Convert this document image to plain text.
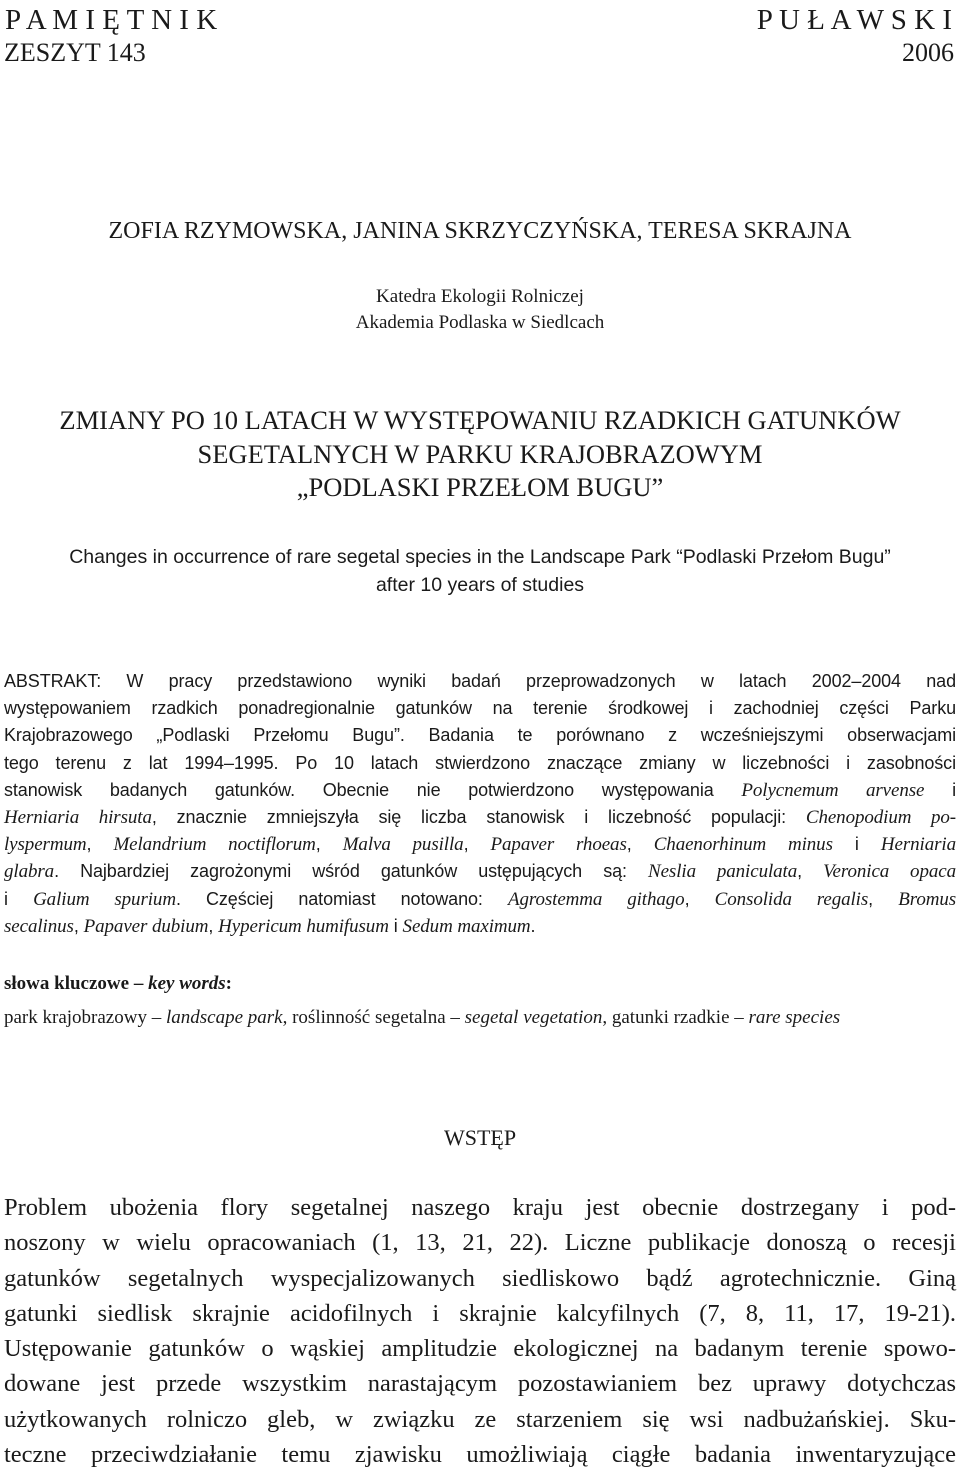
P A M I Ę T N I K	P U Ł A W S K I
ZESZYT 143	2006
ZOFIA RZYMOWSKA, JANINA SKRZYCZYŃSKA, TERESA SKRAJNA
Katedra Ekologii Rolniczej
Akademia Podlaska w Siedlcach
ZMIANY PO 10 LATACH W WYSTĘPOWANIU RZADKICH GATUNKÓW
SEGETALNYCH W PARKU KRAJOBRAZOWYM
„PODLASKI PRZEŁOM BUGU”
Changes in occurrence of rare segetal species in the Landscape Park “Podlaski Przełom Bugu”
after 10 years of studies
ABSTRAKT: W pracy przedstawiono wyniki badań przeprowadzonych w latach 2002–2004 nad
występowaniem rzadkich ponadregionalnie gatunków na terenie środkowej i zachodniej części Parku
Krajobrazowego „Podlaski Przełomu Bugu”. Badania te porównano z wcześniejszymi obserwacjami
tego terenu z lat 1994–1995. Po 10 latach stwierdzono znaczące zmiany w liczebności i zasobności
stanowisk badanych gatunków. Obecnie nie potwierdzono występowania Polycnemum arvense i
Herniaria hirsuta, znacznie zmniejszyła się liczba stanowisk i liczebność populacji: Chenopodium po-
lyspermum, Melandrium noctiflorum, Malva pusilla, Papaver rhoeas, Chaenorhinum minus i Herniaria
glabra. Najbardziej zagrożonymi wśród gatunków ustępujących są: Neslia paniculata, Veronica opaca
i Galium spurium. Częściej natomiast notowano: Agrostemma githago, Consolida regalis, Bromus
secalinus, Papaver dubium, Hypericum humifusum i Sedum maximum.
słowa kluczowe – key words:
park krajobrazowy – landscape park, roślinność segetalna – segetal vegetation, gatunki rzadkie – rare species
WSTĘP
Problem ubożenia flory segetalnej naszego kraju jest obecnie dostrzegany i pod-
noszony w wielu opracowaniach (1, 13, 21, 22). Liczne publikacje donoszą o recesji
gatunków segetalnych wyspecjalizowanych siedliskowo bądź agrotechnicznie. Giną
gatunki siedlisk skrajnie acidofilnych i skrajnie kalcyfilnych (7, 8, 11, 17, 19-21).
Ustępowanie gatunków o wąskiej amplitudzie ekologicznej na badanym terenie spowo-
dowane jest przede wszystkim narastającym pozostawianiem bez uprawy dotychczas
użytkowanych rolniczo gleb, w związku ze starzeniem się wsi nadbużańskiej. Sku-
teczne przeciwdziałanie temu zjawisku umożliwiają ciągłe badania inwentaryzujące
